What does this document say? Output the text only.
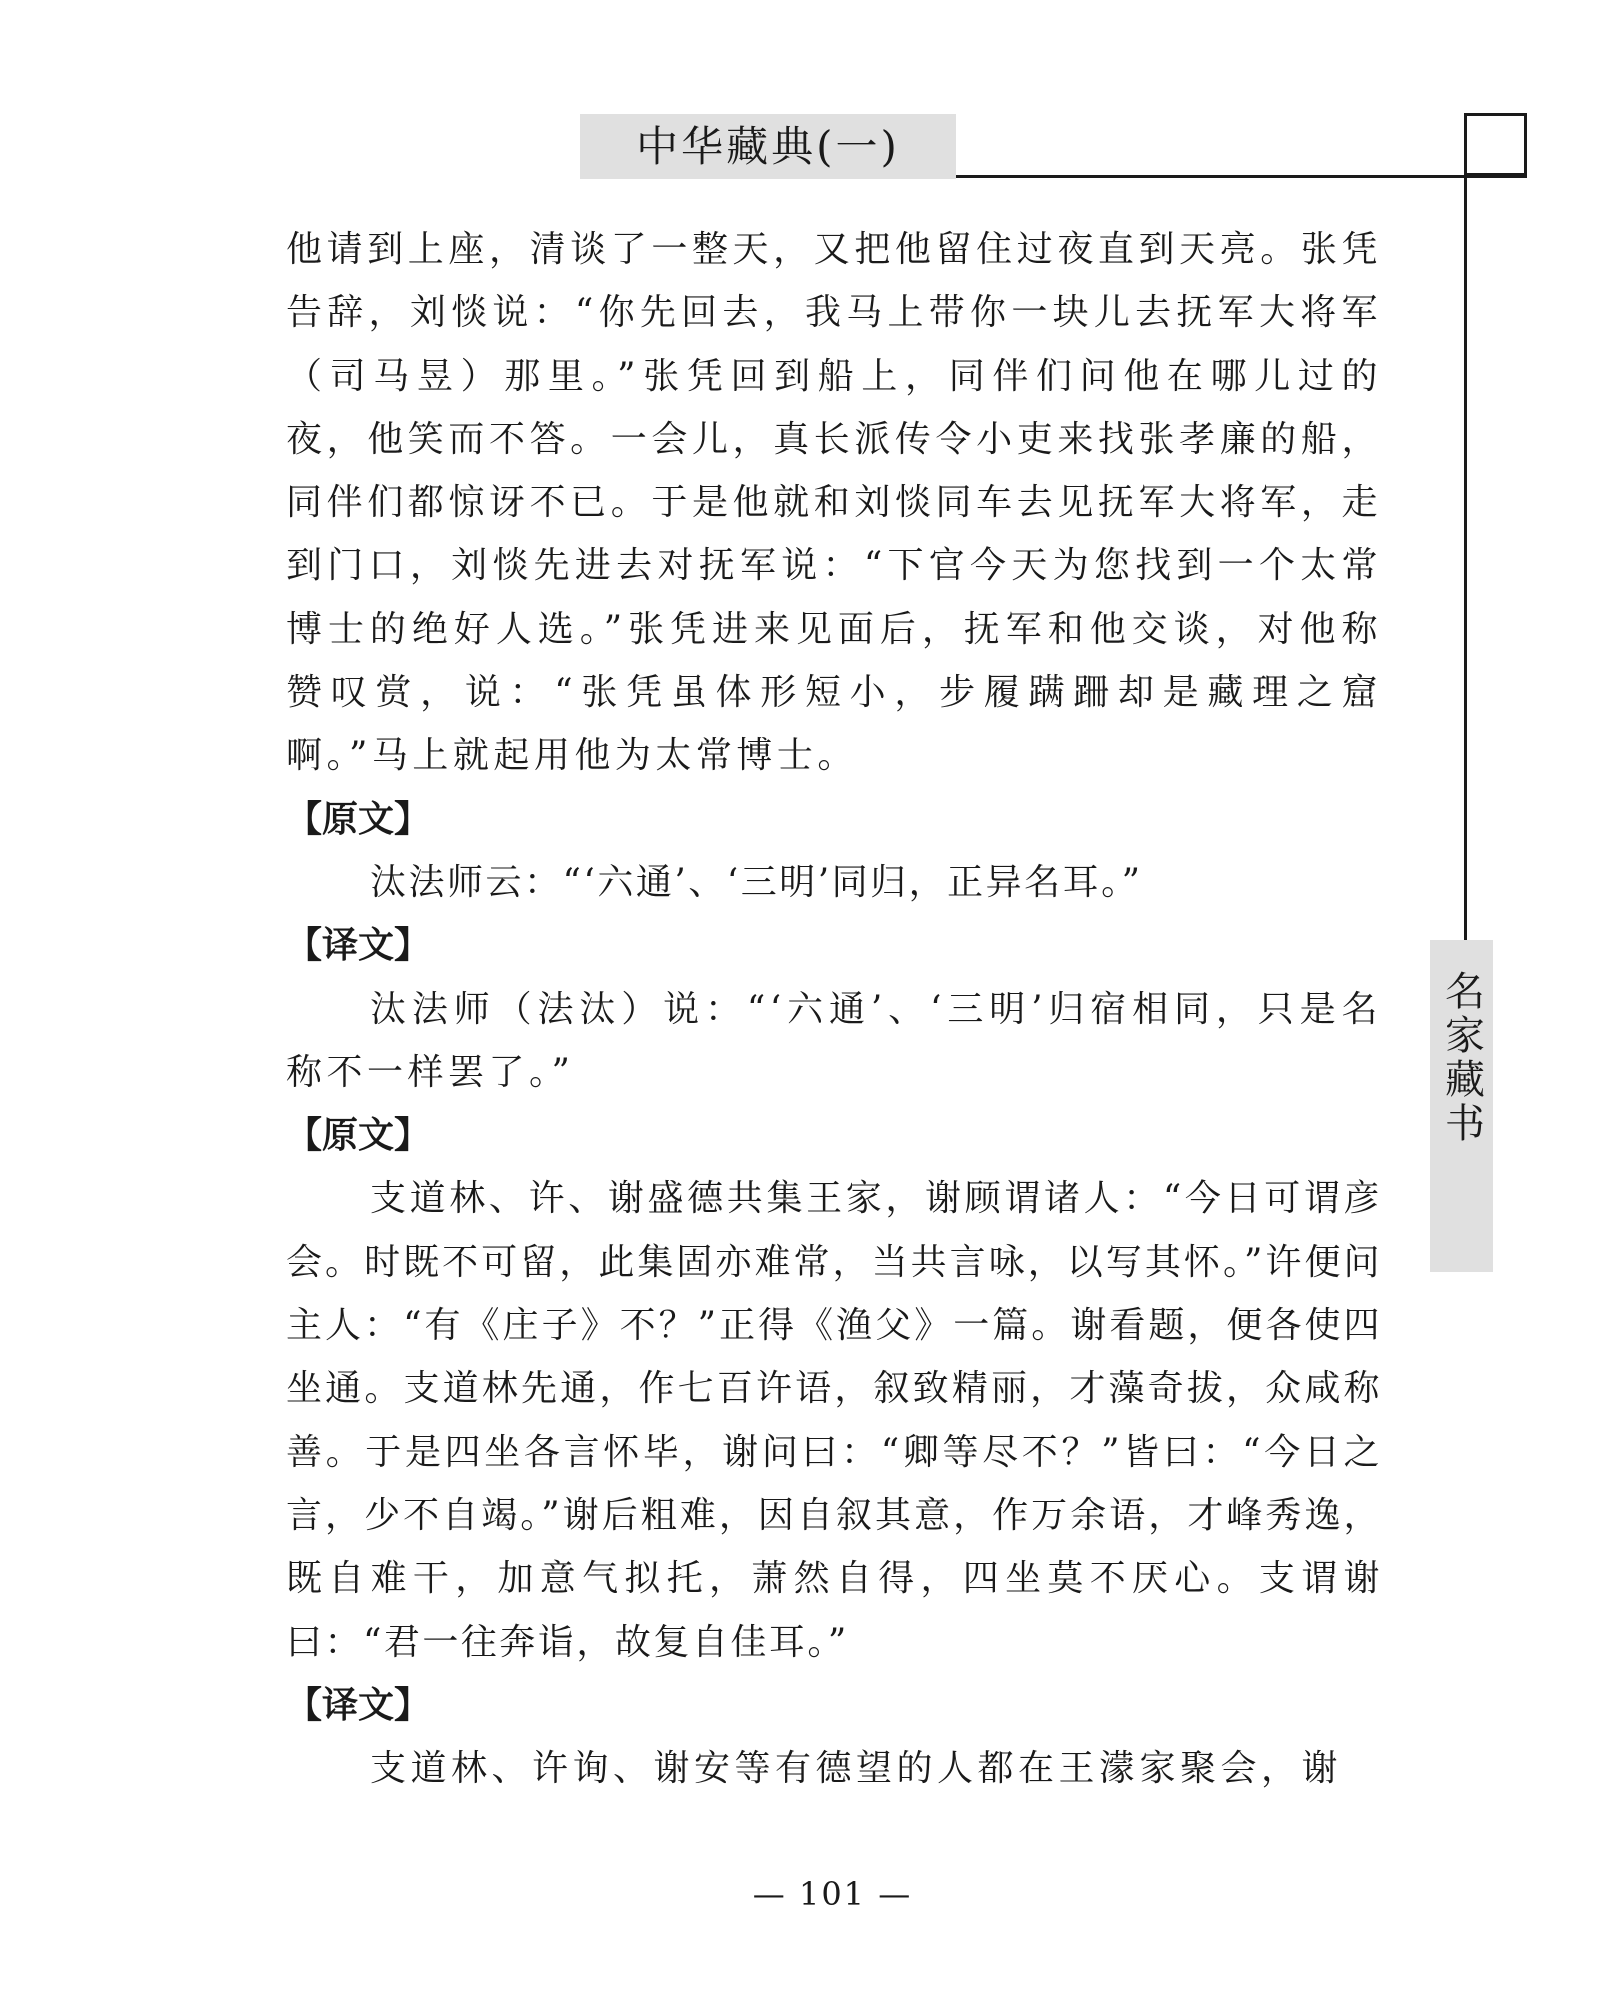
中华藏典(一)
名家藏书

他请到上座，清谈了一整天，又把他留住过夜直到天亮。张凭告辞，刘惔说：“你先回去，我马上带你一块儿去抚军大将军（司马昱）那里。”张凭回到船上，同伴们问他在哪儿过的夜，他笑而不答。一会儿，真长派传令小吏来找张孝廉的船，同伴们都惊讶不已。于是他就和刘惔同车去见抚军大将军，走到门口，刘惔先进去对抚军说：“下官今天为您找到一个太常博士的绝好人选。”张凭进来见面后，抚军和他交谈，对他称赞叹赏，说：“张凭虽体形短小，步履蹒跚却是藏理之窟啊。”马上就起用他为太常博士。

【原文】

汰法师云：“‘六通’、‘三明’同归，正异名耳。”

【译文】

汰法师（法汰）说：“‘六通’、‘三明’归宿相同，只是名称不一样罢了。”

【原文】

支道林、许、谢盛德共集王家，谢顾谓诸人：“今日可谓彦会。时既不可留，此集固亦难常，当共言咏，以写其怀。”许便问主人：“有《庄子》不？”正得《渔父》一篇。谢看题，便各使四坐通。支道林先通，作七百许语，叙致精丽，才藻奇拔，众咸称善。于是四坐各言怀毕，谢问曰：“卿等尽不？”皆曰：“今日之言，少不自竭。”谢后粗难，因自叙其意，作万余语，才峰秀逸，既自难干，加意气拟托，萧然自得，四坐莫不厌心。支谓谢曰：“君一往奔诣，故复自佳耳。”

【译文】

支道林、许询、谢安等有德望的人都在王濛家聚会，谢

— 101 —
